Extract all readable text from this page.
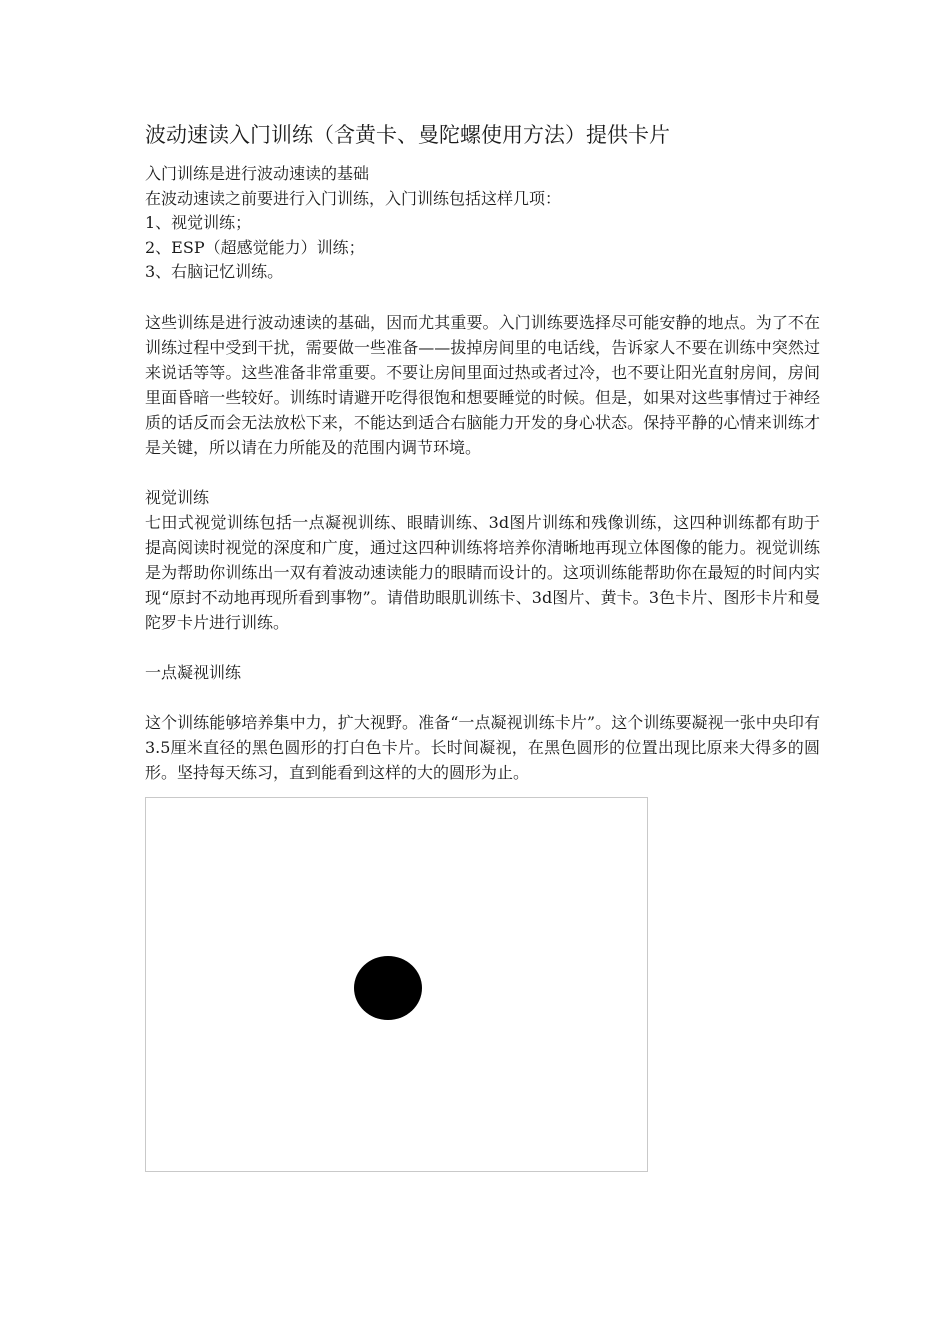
波动速读入门训练（含黄卡、曼陀螺使用方法）提供卡片

入门训练是进行波动速读的基础

在波动速读之前要进行入门训练，入门训练包括这样几项：

1、视觉训练；

2、ESP（超感觉能力）训练；

3、右脑记忆训练。

这些训练是进行波动速读的基础，因而尤其重要。入门训练要选择尽可能安静的地点。为了不在训练过程中受到干扰，需要做一些准备——拔掉房间里的电话线，告诉家人不要在训练中突然过来说话等等。这些准备非常重要。不要让房间里面过热或者过冷，也不要让阳光直射房间，房间里面昏暗一些较好。训练时请避开吃得很饱和想要睡觉的时候。但是，如果对这些事情过于神经质的话反而会无法放松下来，不能达到适合右脑能力开发的身心状态。保持平静的心情来训练才是关键，所以请在力所能及的范围内调节环境。

视觉训练

七田式视觉训练包括一点凝视训练、眼睛训练、3d图片训练和残像训练，这四种训练都有助于提高阅读时视觉的深度和广度，通过这四种训练将培养你清晰地再现立体图像的能力。视觉训练是为帮助你训练出一双有着波动速读能力的眼睛而设计的。这项训练能帮助你在最短的时间内实现“原封不动地再现所看到事物”。请借助眼肌训练卡、3d图片、黄卡。3色卡片、图形卡片和曼陀罗卡片进行训练。

一点凝视训练

这个训练能够培养集中力，扩大视野。准备“一点凝视训练卡片”。这个训练要凝视一张中央印有3.5厘米直径的黑色圆形的打白色卡片。长时间凝视，在黑色圆形的位置出现比原来大得多的圆形。坚持每天练习，直到能看到这样的大的圆形为止。
